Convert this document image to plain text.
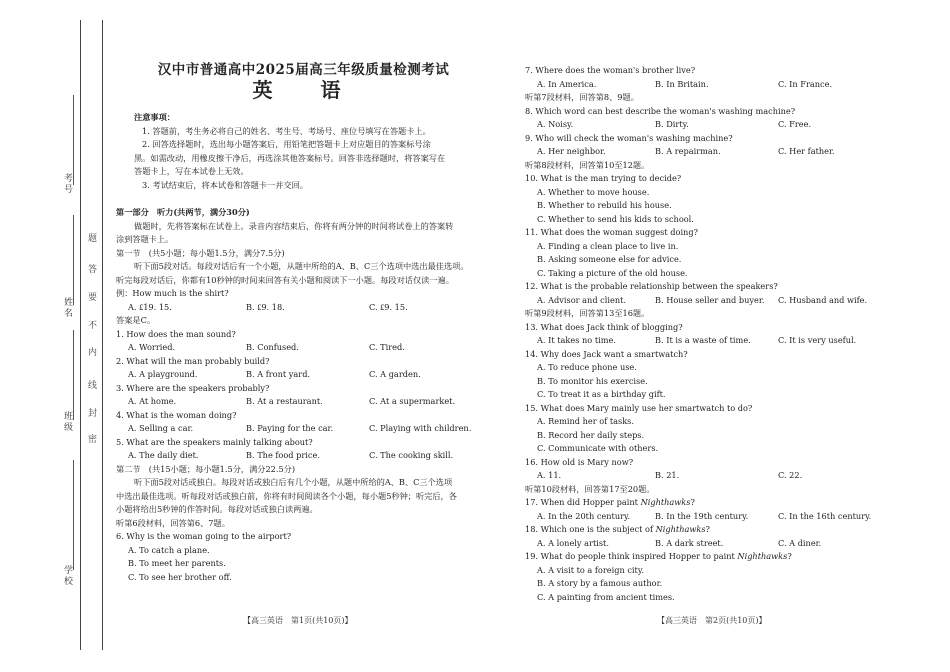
考号
姓名
班级
学校
题
答
要
不
内
线
封
密
汉中市普通高中2025届高三年级质量检测考试
英　语

注意事项：

1. 答题前，考生务必将自己的姓名、考生号、考场号、座位号填写在答题卡上。

2. 回答选择题时，选出每小题答案后，用铅笔把答题卡上对应题目的答案标号涂

黑。如需改动，用橡皮擦干净后，再选涂其他答案标号。回答非选择题时，将答案写在

答题卡上，写在本试卷上无效。

3. 考试结束后，将本试卷和答题卡一并交回。

第一部分　听力(共两节，满分30分)

做题时，先将答案标在试卷上。录音内容结束后，你将有两分钟的时间将试卷上的答案转

涂到答题卡上。

第一节　(共5小题；每小题1.5分，满分7.5分)

听下面5段对话。每段对话后有一个小题，从题中所给的A、B、C三个选项中选出最佳选项。

听完每段对话后，你都有10秒钟的时间来回答有关小题和阅读下一小题。每段对话仅读一遍。

例：How much is the shirt?

A. ₤19. 15.	B. ₤9. 18.	C. ₤9. 15.

答案是C。

1. How does the man sound?

A. Worried.	B. Confused.	C. Tired.

2. What will the man probably build?

A. A playground.	B. A front yard.	C. A garden.

3. Where are the speakers probably?

A. At home.	B. At a restaurant.	C. At a supermarket.

4. What is the woman doing?

A. Selling a car.	B. Paying for the car.	C. Playing with children.

5. What are the speakers mainly talking about?

A. The daily diet.	B. The food price.	C. The cooking skill.

第二节　(共15小题；每小题1.5分，满分22.5分)

听下面5段对话或独白。每段对话或独白后有几个小题，从题中所给的A、B、C三个选项

中选出最佳选项。听每段对话或独白前，你将有时间阅读各个小题，每小题5秒钟；听完后，各

小题将给出5秒钟的作答时间。每段对话或独白读两遍。

听第6段材料，回答第6、7题。

6. Why is the woman going to the airport?

A. To catch a plane.

B. To meet her parents.

C. To see her brother off.

【高三英语　第1页(共10页)】

7. Where does the woman's brother live?

A. In America.	B. In Britain.	C. In France.

听第7段材料，回答第8、9题。

8. Which word can best describe the woman's washing machine?

A. Noisy.	B. Dirty.	C. Free.

9. Who will check the woman's washing machine?

A. Her neighbor.	B. A repairman.	C. Her father.

听第8段材料，回答第10至12题。

10. What is the man trying to decide?

A. Whether to move house.

B. Whether to rebuild his house.

C. Whether to send his kids to school.

11. What does the woman suggest doing?

A. Finding a clean place to live in.

B. Asking someone else for advice.

C. Taking a picture of the old house.

12. What is the probable relationship between the speakers?

A. Advisor and client.	B. House seller and buyer.	C. Husband and wife.

听第9段材料，回答第13至16题。

13. What does Jack think of blogging?

A. It takes no time.	B. It is a waste of time.	C. It is very useful.

14. Why does Jack want a smartwatch?

A. To reduce phone use.

B. To monitor his exercise.

C. To treat it as a birthday gift.

15. What does Mary mainly use her smartwatch to do?

A. Remind her of tasks.

B. Record her daily steps.

C. Communicate with others.

16. How old is Mary now?

A. 11.	B. 21.	C. 22.

听第10段材料，回答第17至20题。

17. When did Hopper paint Nighthawks?

A. In the 20th century.	B. In the 19th century.	C. In the 16th century.

18. Which one is the subject of Nighthawks?

A. A lonely artist.	B. A dark street.	C. A diner.

19. What do people think inspired Hopper to paint Nighthawks?

A. A visit to a foreign city.

B. A story by a famous author.

C. A painting from ancient times.

【高三英语　第2页(共10页)】
